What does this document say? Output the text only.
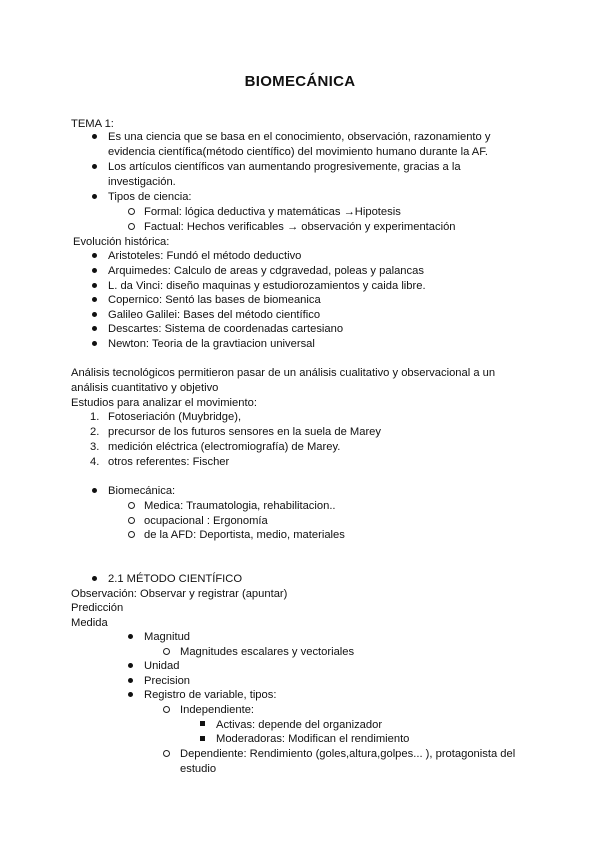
BIOMECÁNICA
TEMA 1:
Es una ciencia que se basa en el conocimiento, observación, razonamiento y
evidencia científica(método científico) del movimiento humano durante la AF.
Los artículos científicos van aumentando progresivemente, gracias a la
investigación.
Tipos de ciencia:
Formal: lógica deductiva y matemáticas →Hipotesis
Factual: Hechos verificables → observación y experimentación
Evolución histórica:
Aristoteles: Fundó el método deductivo
Arquimedes: Calculo de areas y cdgravedad, poleas y palancas
L. da Vinci: diseño maquinas y estudiorozamientos y caida libre.
Copernico: Sentó las bases de biomeanica
Galileo Galilei: Bases del método científico
Descartes: Sistema de coordenadas cartesiano
Newton: Teoria de la gravtiacion universal
Análisis tecnológicos permitieron pasar de un análisis cualitativo y observacional a un
análisis cuantitativo y objetivo
Estudios para analizar el movimiento:
1. Fotoseriación (Muybridge),
2. precursor de los futuros sensores en la suela de Marey
3. medición eléctrica (electromiografía) de Marey.
4. otros referentes: Fischer
Biomecánica:
Medica: Traumatologia, rehabilitacion..
ocupacional : Ergonomía
de la AFD: Deportista, medio, materiales
2.1 MÉTODO CIENTÍFICO
Observación: Observar y registrar (apuntar)
Predicción
Medida
Magnitud
Magnitudes escalares y vectoriales
Unidad
Precision
Registro de variable, tipos:
Independiente:
Activas: depende del organizador
Moderadoras: Modifican el rendimiento
Dependiente: Rendimiento (goles,altura,golpes... ), protagonista del
estudio
